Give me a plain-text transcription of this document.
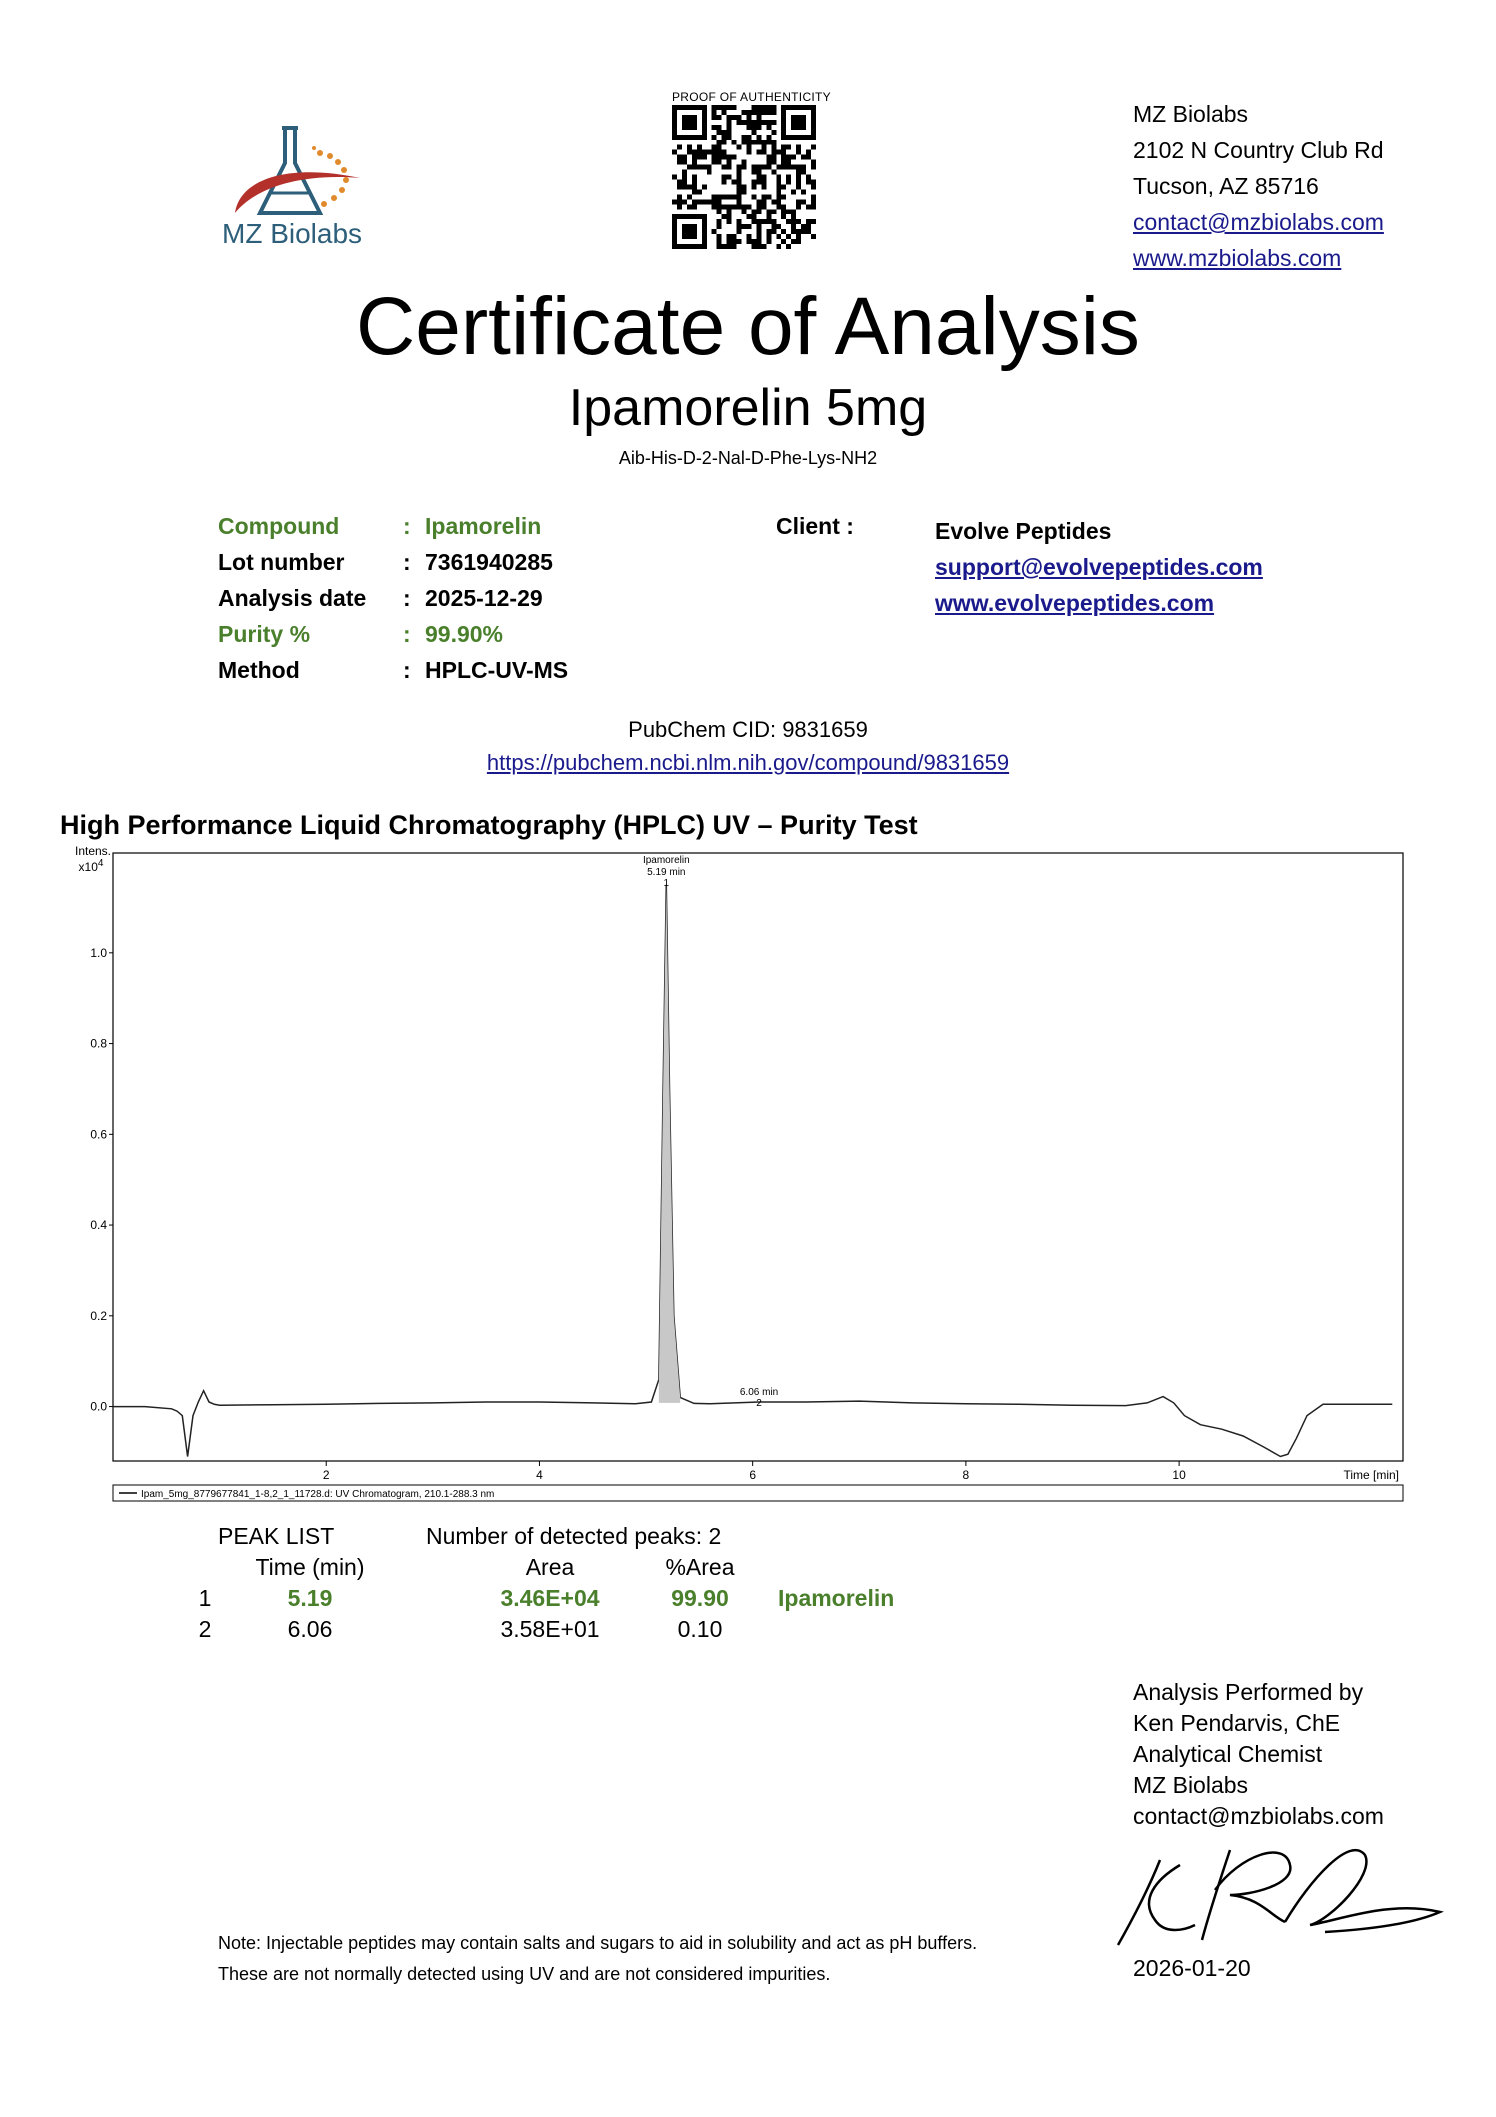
MZ Biolabs
PROOF OF AUTHENTICITY
MZ Biolabs
2102 N Country Club Rd
Tucson, AZ 85716
contact@mzbiolabs.com
www.mzbiolabs.com
Certificate of Analysis
Ipamorelin 5mg
Aib-His-D-2-Nal-D-Phe-Lys-NH2
Compound	: Ipamorelin
Lot number	: 7361940285
Analysis date : 2025-12-29
Purity %	: 99.90%
Method	: HPLC-UV-MS
Client :	Evolve Peptides
support@evolvepeptides.com
www.evolvepeptides.com
PubChem CID: 9831659
https://pubchem.ncbi.nlm.nih.gov/compound/9831659
High Performance Liquid Chromatography (HPLC) UV – Purity Test
Intens.
$x10^4$
0.0
0.2
0.4
0.6
0.8
1.0
2	4	6	8	10	Time [min]
Ipam_5mg_8779677841_1-8,2_1_11728.d: UV Chromatogram, 210.1-288.3 nm
Ipamorelin
5.19 min
1
6.06 min
2
PEAK LIST	Number of detected peaks: 2
Time (min)	Area	%Area
1	5.19	3.46E+04	99.90	Ipamorelin
2	6.06	3.58E+01	0.10
Analysis Performed by
Ken Pendarvis, ChE
Analytical Chemist
MZ Biolabs
contact@mzbiolabs.com
2026-01-20
Note: Injectable peptides may contain salts and sugars to aid in solubility and act as pH buffers.
These are not normally detected using UV and are not considered impurities.
